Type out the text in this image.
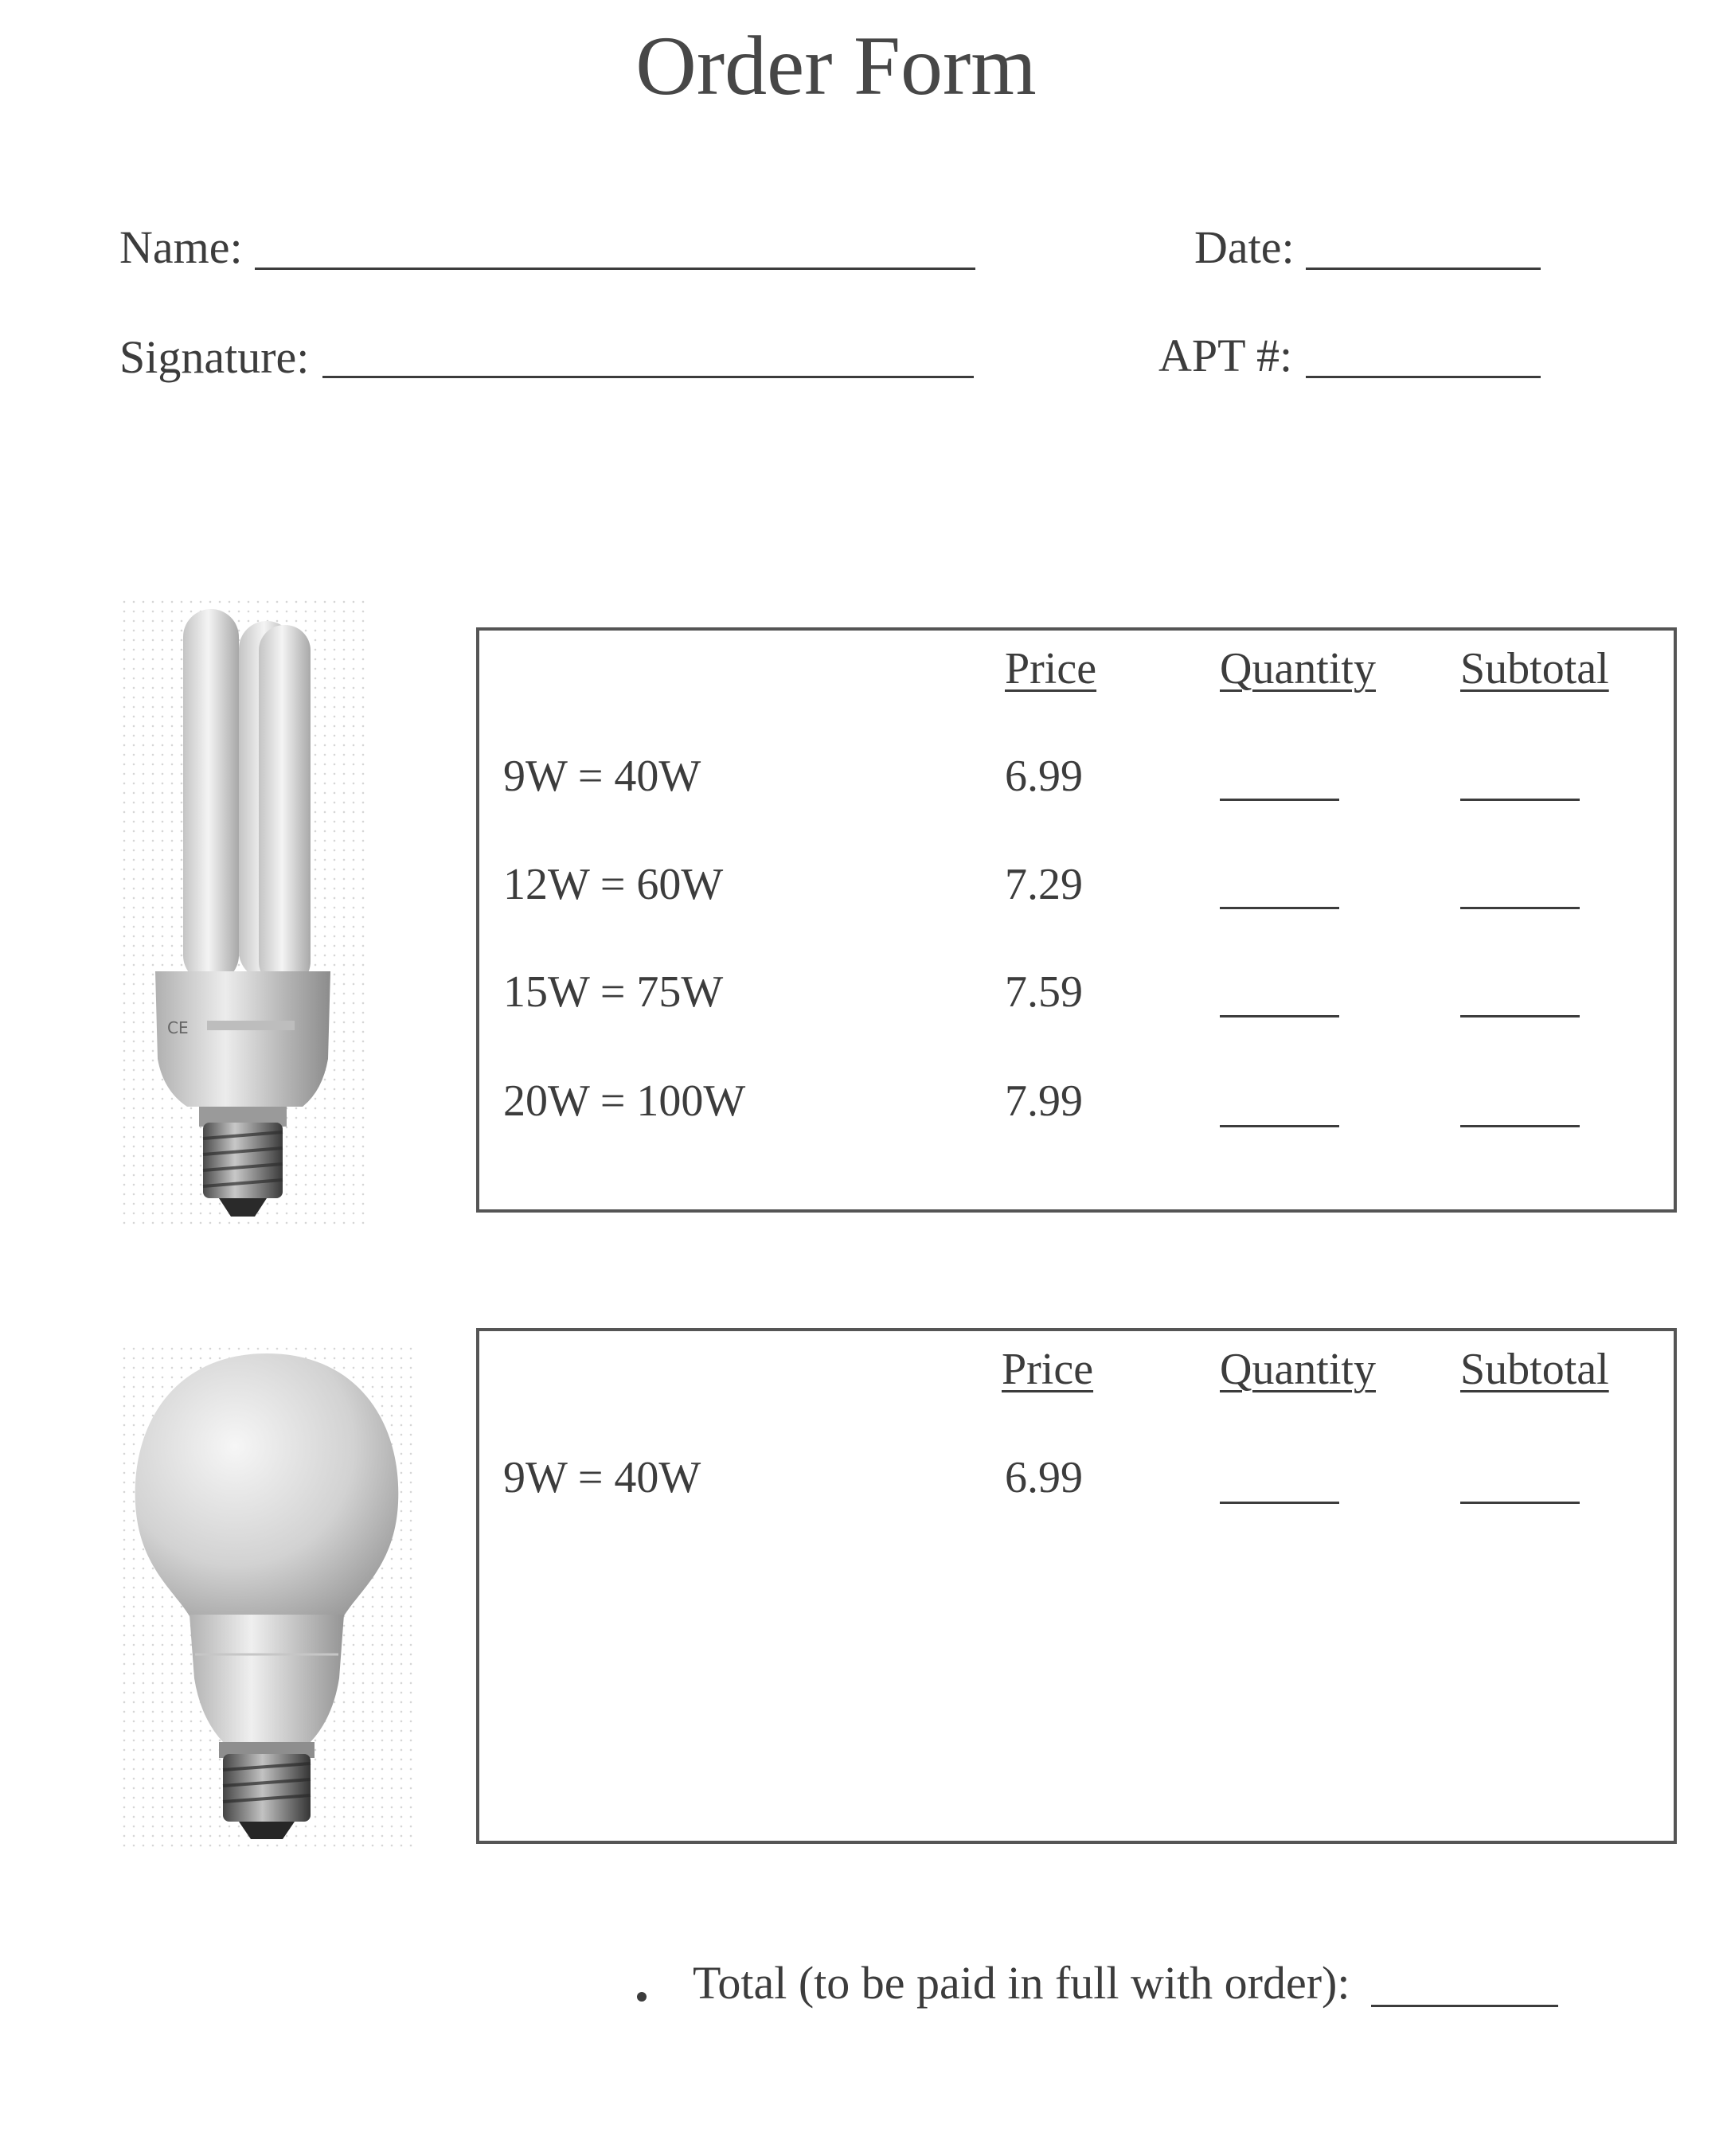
Order Form
Name:	Date:
Signature:	APT #:
CE
Price	Quantity Subtotal
9W = 40W	6.99
12W = 60W	7.29
15W = 75W	7.59
20W = 100W	7.99
Price	Quantity Subtotal
9W = 40W	6.99
Total (to be paid in full with order):
